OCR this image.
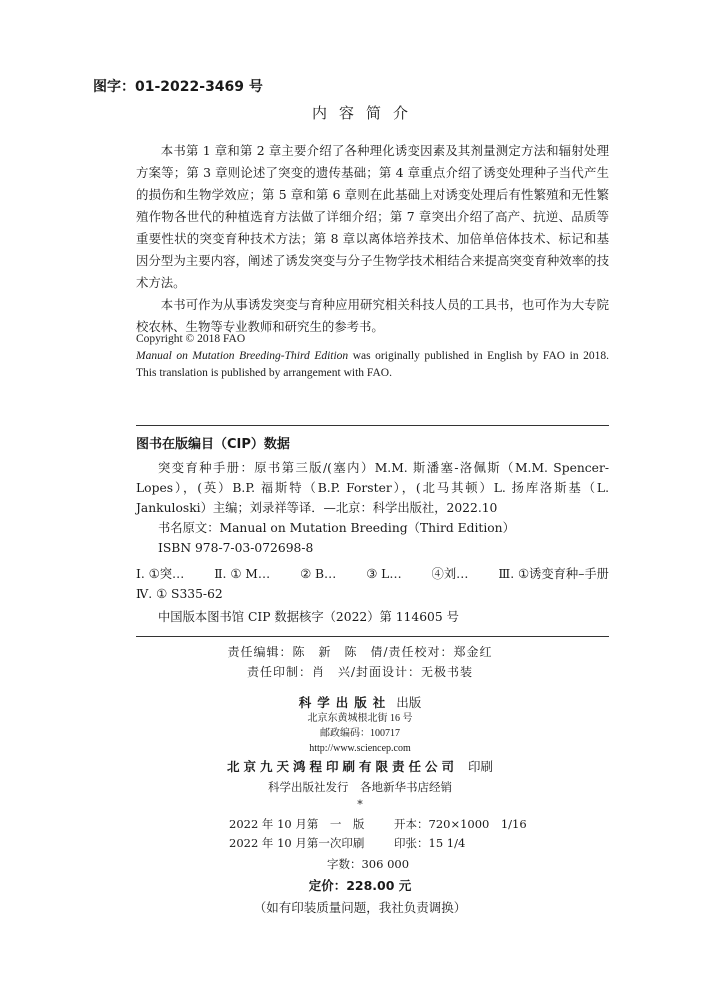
图字：01-2022-3469 号
内容简介

本书第 1 章和第 2 章主要介绍了各种理化诱变因素及其剂量测定方法和辐射处理方案等；第 3 章则论述了突变的遗传基础；第 4 章重点介绍了诱变处理种子当代产生的损伤和生物学效应；第 5 章和第 6 章则在此基础上对诱变处理后有性繁殖和无性繁殖作物各世代的种植选育方法做了详细介绍；第 7 章突出介绍了高产、抗逆、品质等重要性状的突变育种技术方法；第 8 章以离体培养技术、加倍单倍体技术、标记和基因分型为主要内容，阐述了诱发突变与分子生物学技术相结合来提高突变育种效率的技术方法。

本书可作为从事诱发突变与育种应用研究相关科技人员的工具书，也可作为大专院校农林、生物等专业教师和研究生的参考书。

Copyright © 2018 FAO
Manual on Mutation Breeding-Third Edition was originally published in English by FAO in 2018. This translation is published by arrangement with FAO.
图书在版编目（CIP）数据
突变育种手册：原书第三版/(塞内）M.M. 斯潘塞-洛佩斯（M.M. Spencer-Lopes），(英）B.P. 福斯特（B.P. Forster），(北马其顿）L. 扬库洛斯基（L. Jankuloski）主编；刘录祥等译．—北京：科学出版社，2022.10
书名原文：Manual on Mutation Breeding（Third Edition）
ISBN 978-7-03-072698-8
Ⅰ. ①突… Ⅱ. ① M… ② B… ③ L… ④刘… Ⅲ. ①诱变育种–手册
Ⅳ. ① S335-62
中国版本图书馆 CIP 数据核字（2022）第 114605 号
责任编辑：陈　新　陈　倩/责任校对：郑金红
责任印制：肖　兴/封面设计：无极书装
科学出版社 出版
北京东黄城根北街 16 号
邮政编码：100717
http://www.sciencep.com
北京九天鸿程印刷有限责任公司 印刷
科学出版社发行　各地新华书店经销
*
2022 年 10 月第　一　版	开本：720×1000　1/16
2022 年 10 月第一次印刷	印张：15 1/4
字数：306 000
定价：228.00 元
（如有印装质量问题，我社负责调换）
